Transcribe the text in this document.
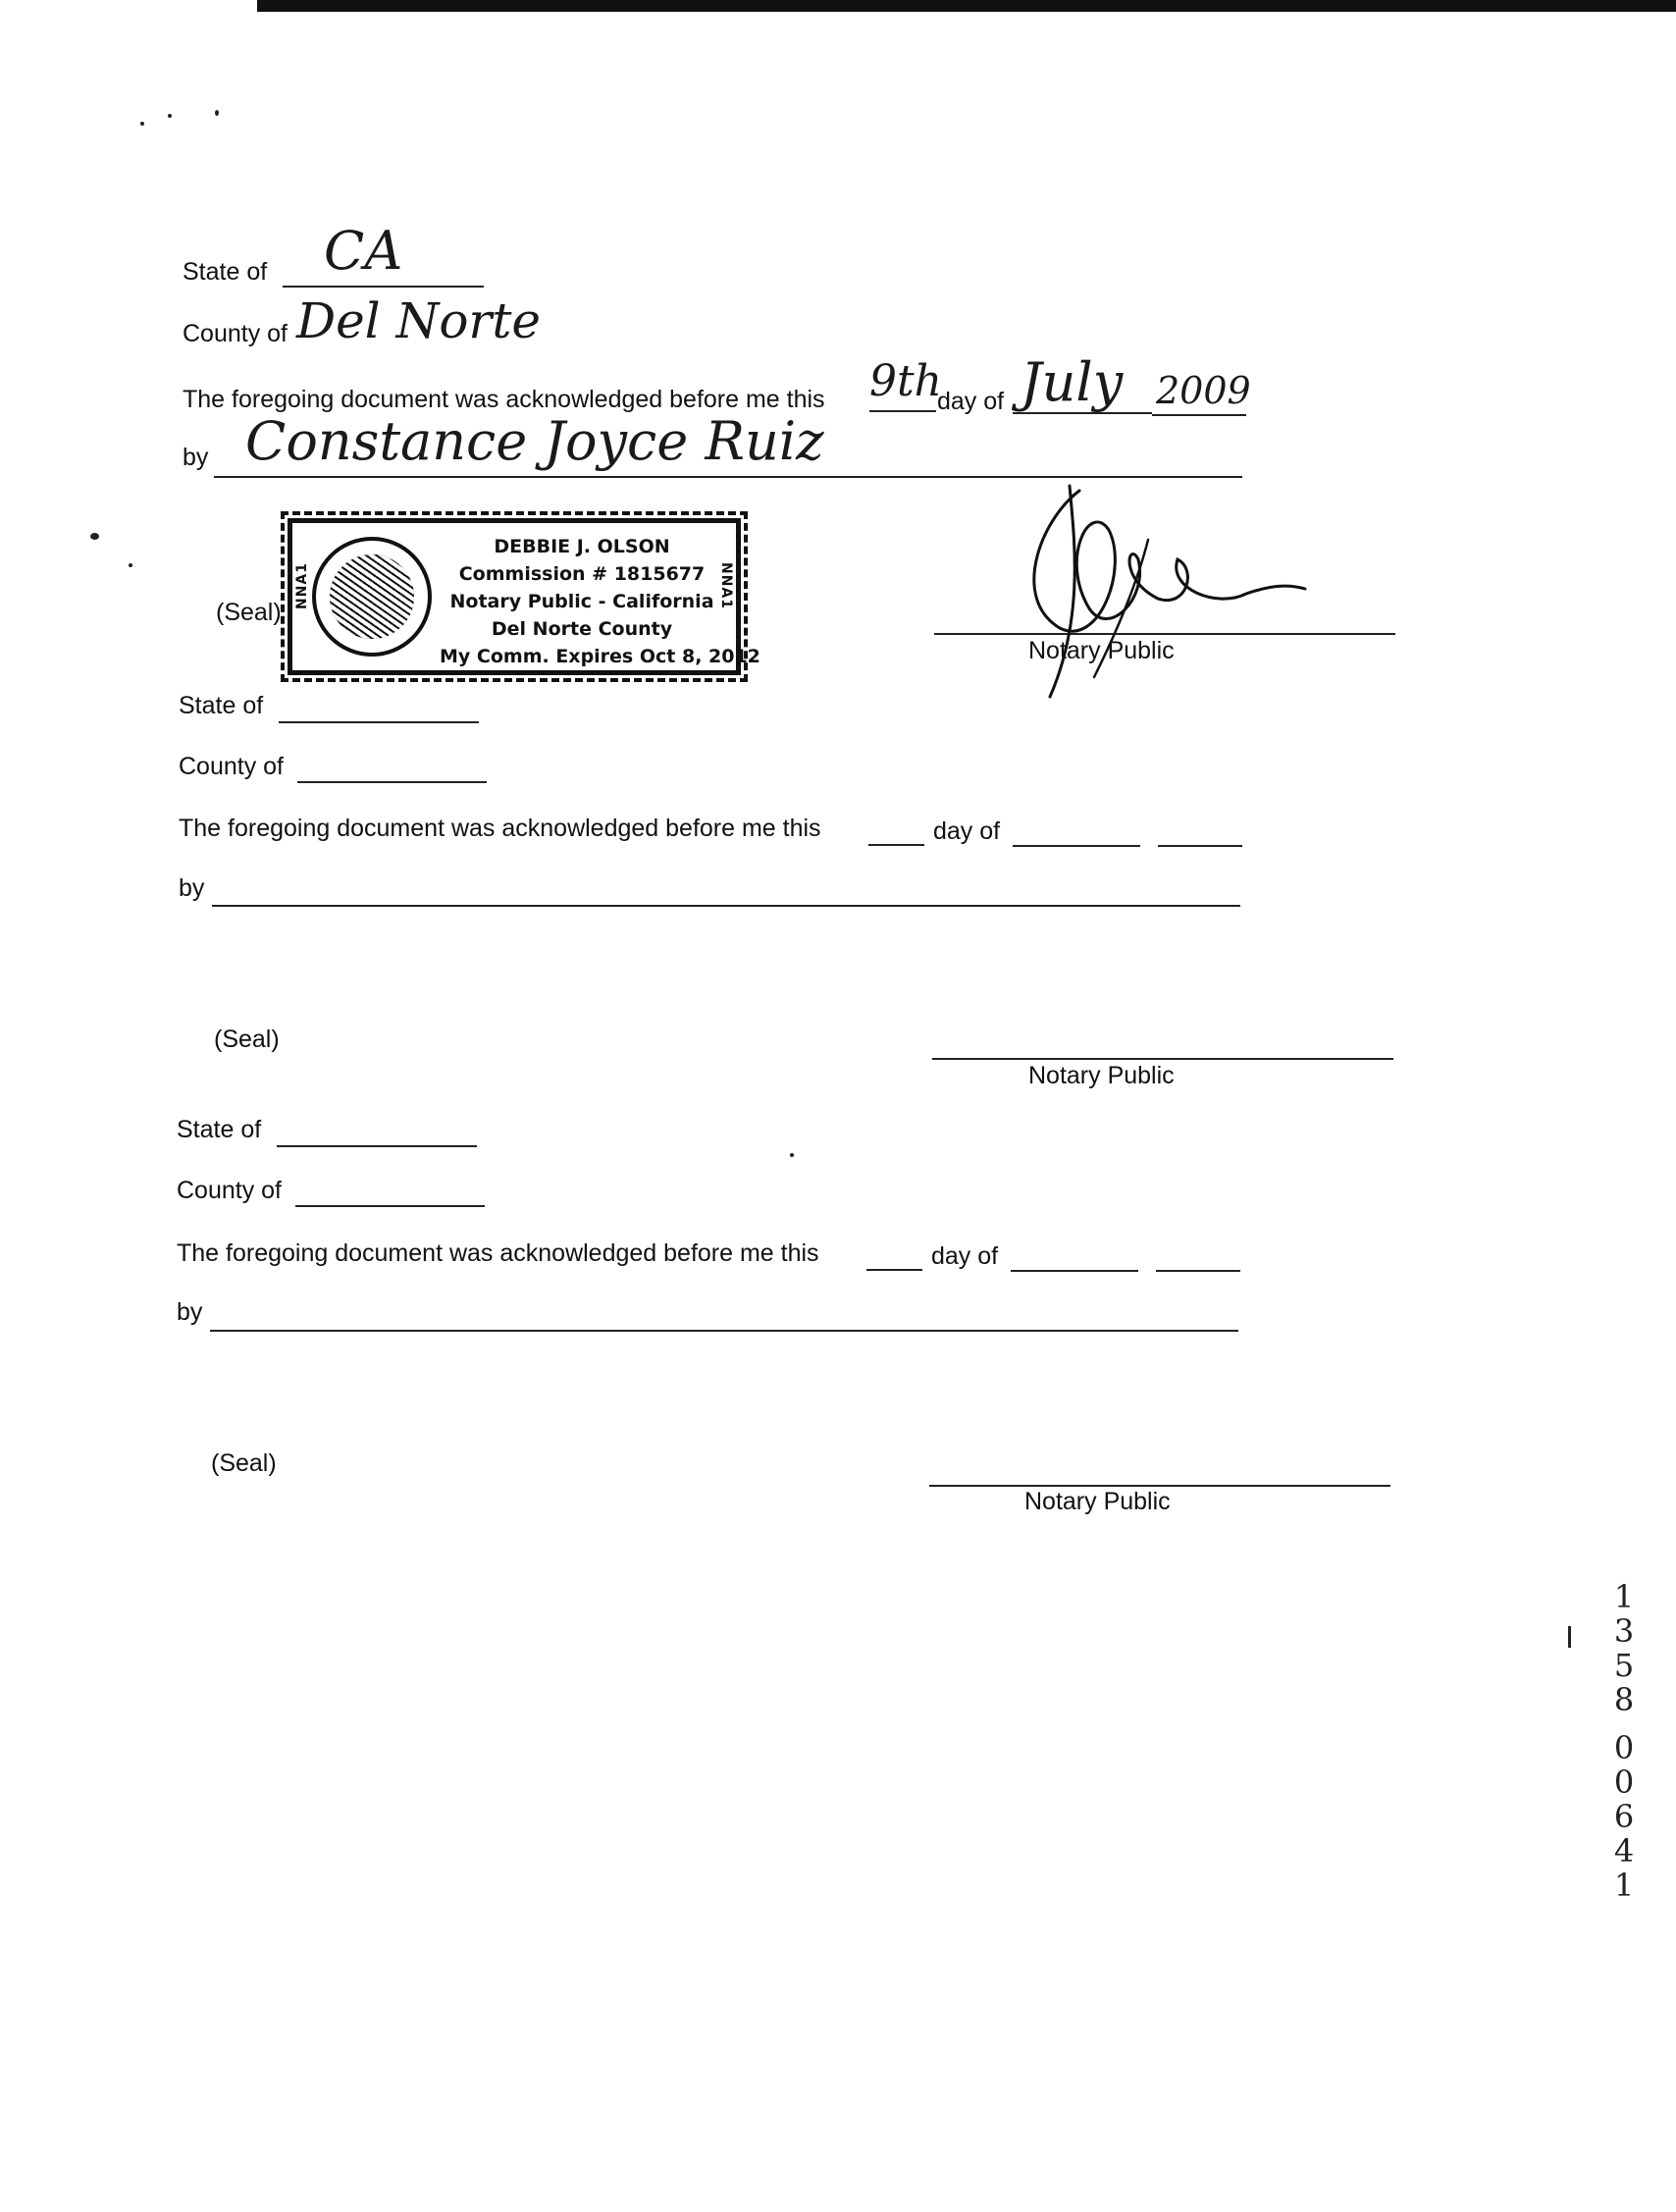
State of CA
County of Del Norte
The foregoing document was acknowledged before me this 9th
day of July 2009
by Constance Joyce Ruiz
(Seal)
NNA1	NNA1
DEBBIE J. OLSON
Commission # 1815677
Notary Public - California
Del Norte County
My Comm. Expires Oct 8, 2012	Notary Public
State of
County of
The foregoing document was acknowledged before me this	day of
by
(Seal)
Notary Public
State of
County of
The foregoing document was acknowledged before me this	day of
by
(Seal)
Notary Public
1
3
5
8
0
0
6
4
1
